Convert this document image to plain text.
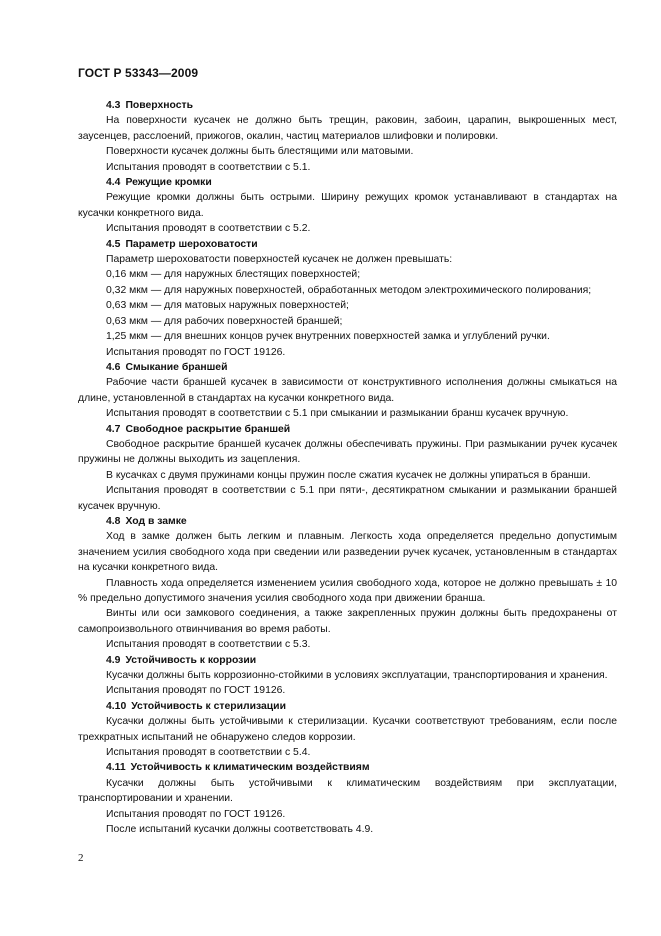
ГОСТ Р 53343—2009
4.3 Поверхность

На поверхности кусачек не должно быть трещин, раковин, забоин, царапин, выкрошенных мест, заусенцев, расслоений, прижогов, окалин, частиц материалов шлифовки и полировки.

Поверхности кусачек должны быть блестящими или матовыми.

Испытания проводят в соответствии с 5.1.

4.4 Режущие кромки

Режущие кромки должны быть острыми. Ширину режущих кромок устанавливают в стандартах на кусачки конкретного вида.

Испытания проводят в соответствии с 5.2.

4.5 Параметр шероховатости

Параметр шероховатости поверхностей кусачек не должен превышать:

0,16 мкм — для наружных блестящих поверхностей;

0,32 мкм — для наружных поверхностей, обработанных методом электрохимического полирования;

0,63 мкм — для матовых наружных поверхностей;

0,63 мкм — для рабочих поверхностей браншей;

1,25 мкм — для внешних концов ручек внутренних поверхностей замка и углублений ручки.

Испытания проводят по ГОСТ 19126.

4.6 Смыкание браншей

Рабочие части браншей кусачек в зависимости от конструктивного исполнения должны смыкаться на длине, установленной в стандартах на кусачки конкретного вида.

Испытания проводят в соответствии с 5.1 при смыкании и размыкании бранш кусачек вручную.

4.7 Свободное раскрытие браншей

Свободное раскрытие браншей кусачек должны обеспечивать пружины. При размыкании ручек кусачек пружины не должны выходить из зацепления.

В кусачках с двумя пружинами концы пружин после сжатия кусачек не должны упираться в бранши.

Испытания проводят в соответствии с 5.1 при пяти-, десятикратном смыкании и размыкании браншей кусачек вручную.

4.8 Ход в замке

Ход в замке должен быть легким и плавным. Легкость хода определяется предельно допустимым значением усилия свободного хода при сведении или разведении ручек кусачек, установленным в стандартах на кусачки конкретного вида.

Плавность хода определяется изменением усилия свободного хода, которое не должно превышать ± 10 % предельно допустимого значения усилия свободного хода при движении бранша.

Винты или оси замкового соединения, а также закрепленных пружин должны быть предохранены от самопроизвольного отвинчивания во время работы.

Испытания проводят в соответствии с 5.3.

4.9 Устойчивость к коррозии

Кусачки должны быть коррозионно-стойкими в условиях эксплуатации, транспортирования и хранения.

Испытания проводят по ГОСТ 19126.

4.10 Устойчивость к стерилизации

Кусачки должны быть устойчивыми к стерилизации. Кусачки соответствуют требованиям, если после трехкратных испытаний не обнаружено следов коррозии.

Испытания проводят в соответствии с 5.4.

4.11 Устойчивость к климатическим воздействиям

Кусачки должны быть устойчивыми к климатическим воздействиям при эксплуатации, транспортировании и хранении.

Испытания проводят по ГОСТ 19126.

После испытаний кусачки должны соответствовать 4.9.

2
